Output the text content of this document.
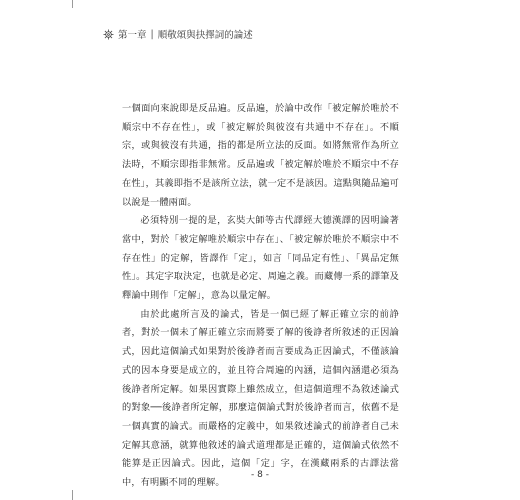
第一章 | 順敬頌與抉擇詞的論述

一個面向來說即是反品遍。反品遍，於論中改作「被定解於唯於不順宗中不存在性」，或「被定解於與彼沒有共通中不存在」。不順宗，或與彼沒有共通，指的都是所立法的反面。如將無常作為所立法時，不順宗即指非無常。反品遍或「被定解於唯於不順宗中不存在性」，其義即指不是該所立法，就一定不是該因。這點與隨品遍可以說是一體兩面。

必須特別一提的是，玄奘大師等古代譯經大德漢譯的因明論著當中，對於「被定解唯於順宗中存在」、「被定解於唯於不順宗中不存在性」的定解，皆譯作「定」，如言「同品定有性」、「異品定無性」。其定字取決定，也就是必定、周遍之義。而藏傳一系的譯筆及釋論中則作「定解」，意為以量定解。

由於此處所言及的論式，皆是一個已經了解正確立宗的前諍者，對於一個未了解正確立宗而將要了解的後諍者所敘述的正因論式，因此這個論式如果對於後諍者而言要成為正因論式，不僅該論式的因本身要是成立的，並且符合周遍的內涵，這個內涵還必須為後諍者所定解。如果因實際上雖然成立，但這個道理不為敘述論式的對象──後諍者所定解，那麼這個論式對於後諍者而言，依舊不是一個真實的論式。而嚴格的定義中，如果敘述論式的前諍者自己未定解其意涵，就算他敘述的論式道理都是正確的，這個論式依然不能算是正因論式。因此，這個「定」字，在漢藏兩系的古譯法當中，有明顯不同的理解。

- 8 -
